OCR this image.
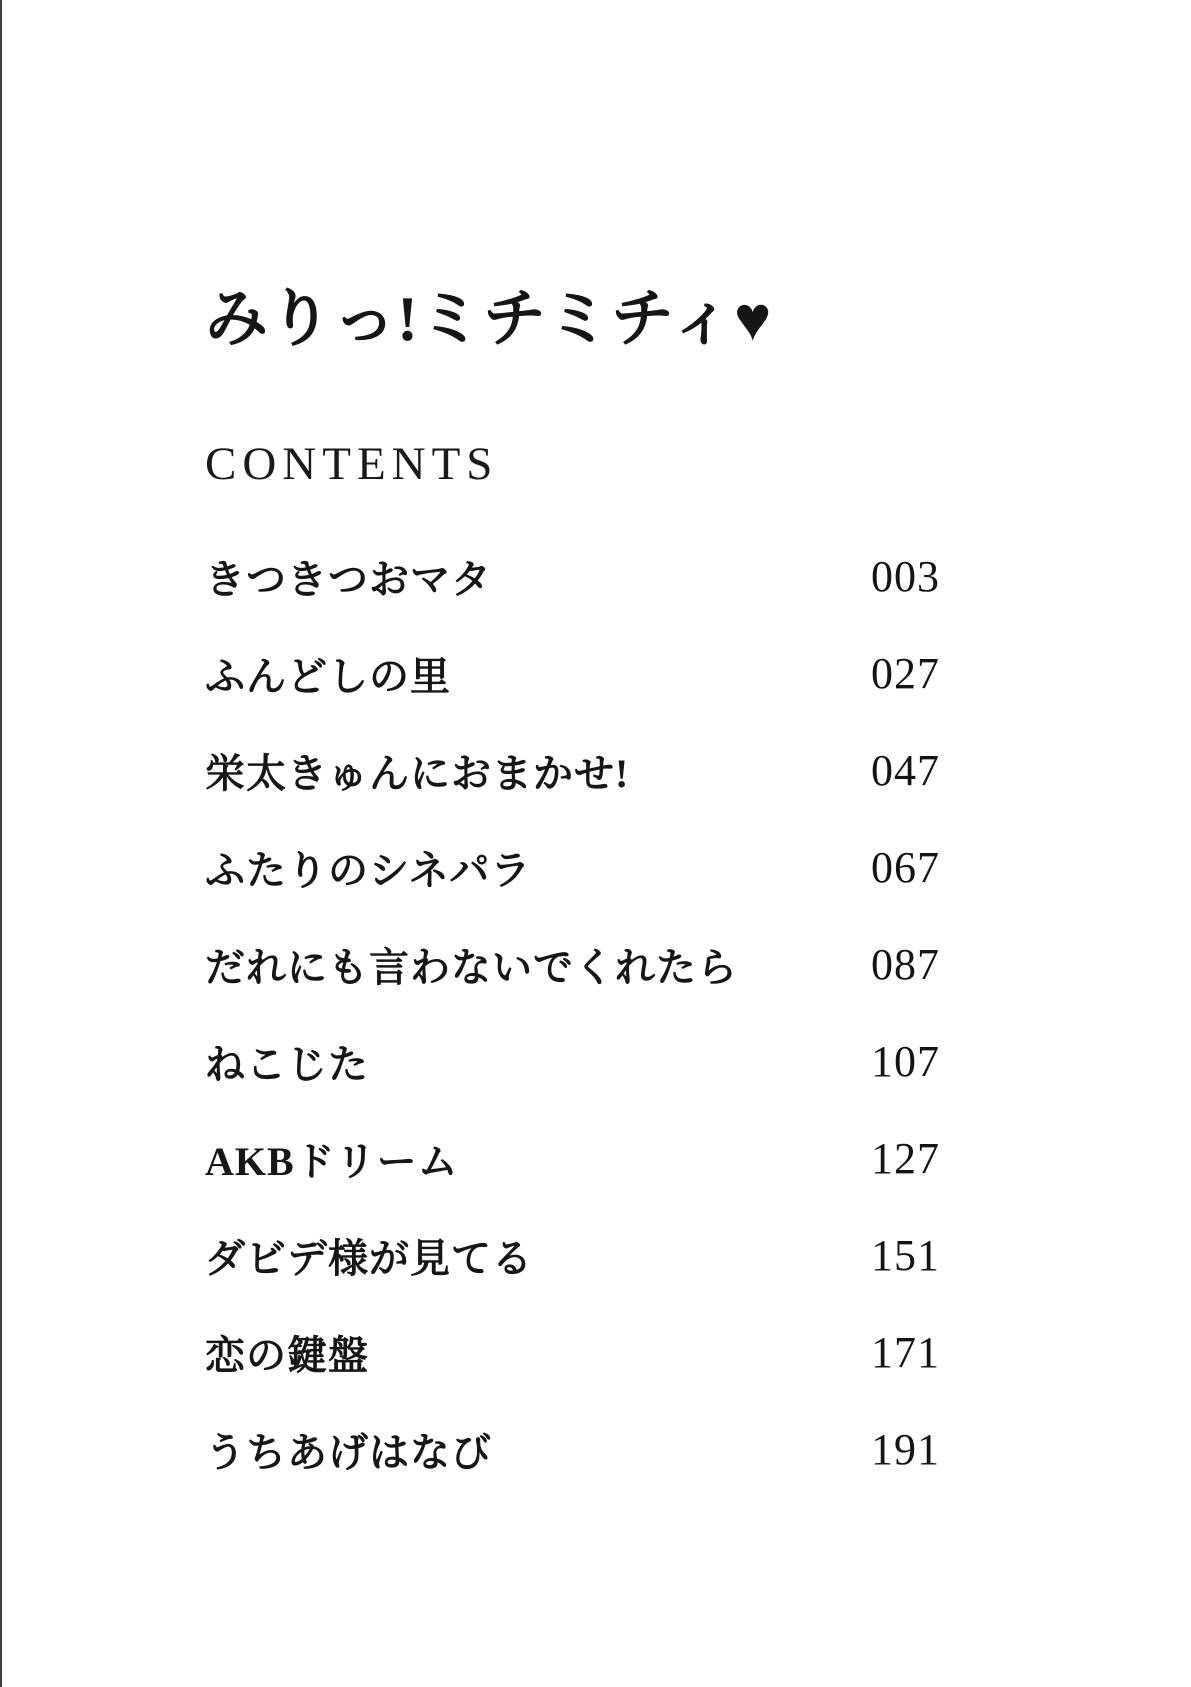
みりっ!ミチミチィ♥
CONTENTS
きつきつおマタ	003
ふんどしの里	027
栄太きゅんにおまかせ!	047
ふたりのシネパラ	067
だれにも言わないでくれたら	087
ねこじた	107
AKBドリーム	127
ダビデ様が見てる	151
恋の鍵盤	171
うちあげはなび	191
